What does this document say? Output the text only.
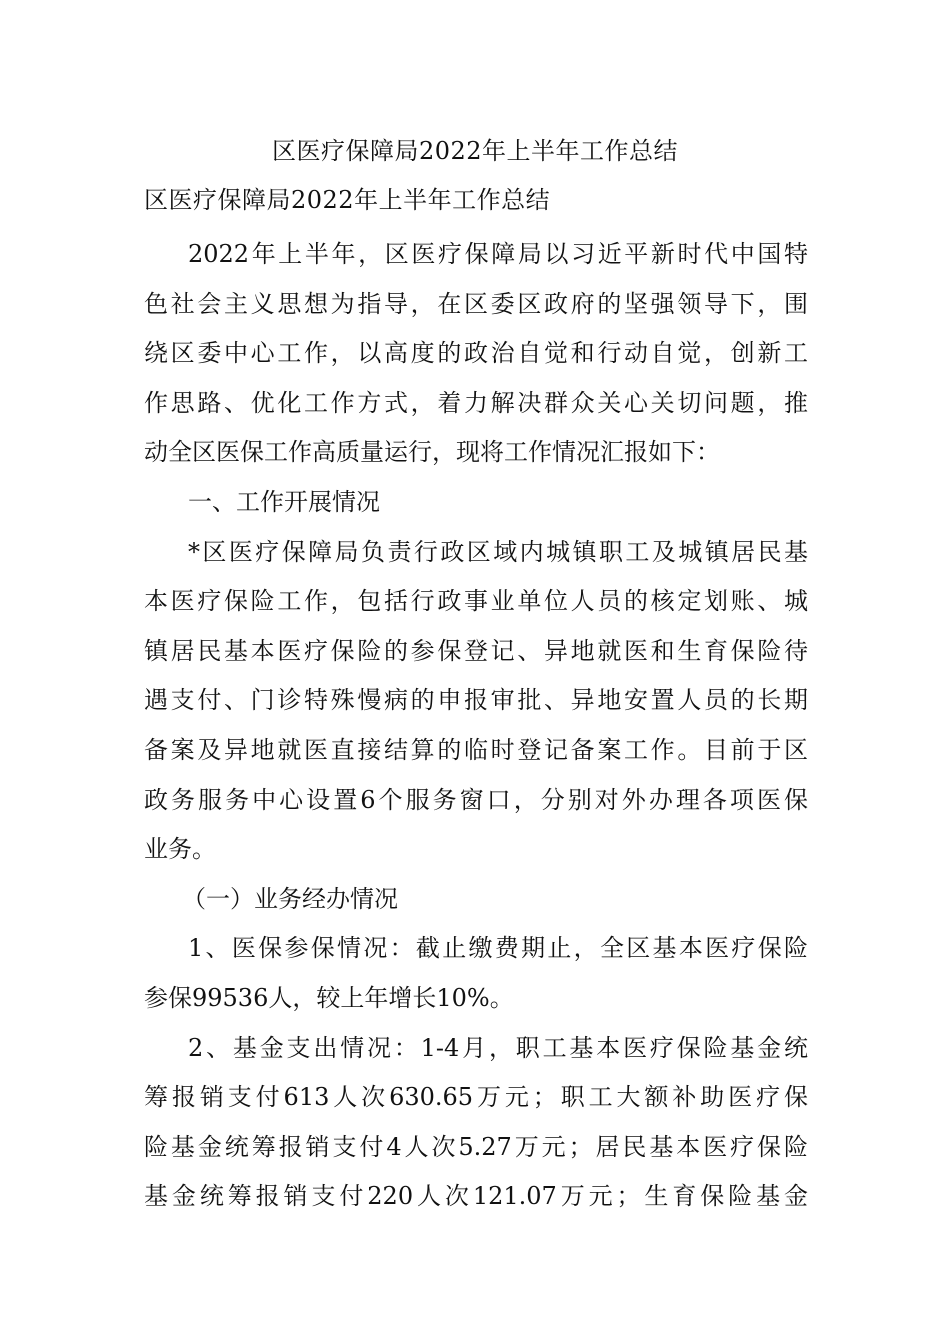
区医疗保障局2022年上半年工作总结
区医疗保障局2022年上半年工作总结
2022年上半年，区医疗保障局以习近平新时代中国特
色社会主义思想为指导，在区委区政府的坚强领导下，围
绕区委中心工作，以高度的政治自觉和行动自觉，创新工
作思路、优化工作方式，着力解决群众关心关切问题，推
动全区医保工作高质量运行，现将工作情况汇报如下：
一、工作开展情况
*区医疗保障局负责行政区域内城镇职工及城镇居民基
本医疗保险工作，包括行政事业单位人员的核定划账、城
镇居民基本医疗保险的参保登记、异地就医和生育保险待
遇支付、门诊特殊慢病的申报审批、异地安置人员的长期
备案及异地就医直接结算的临时登记备案工作。目前于区
政务服务中心设置6个服务窗口，分别对外办理各项医保
业务。
（一）业务经办情况
1、医保参保情况：截止缴费期止，全区基本医疗保险
参保99536人，较上年增长10%。
2、基金支出情况：1-4月，职工基本医疗保险基金统
筹报销支付613人次630.65万元；职工大额补助医疗保
险基金统筹报销支付4人次5.27万元；居民基本医疗保险
基金统筹报销支付220人次121.07万元；生育保险基金
